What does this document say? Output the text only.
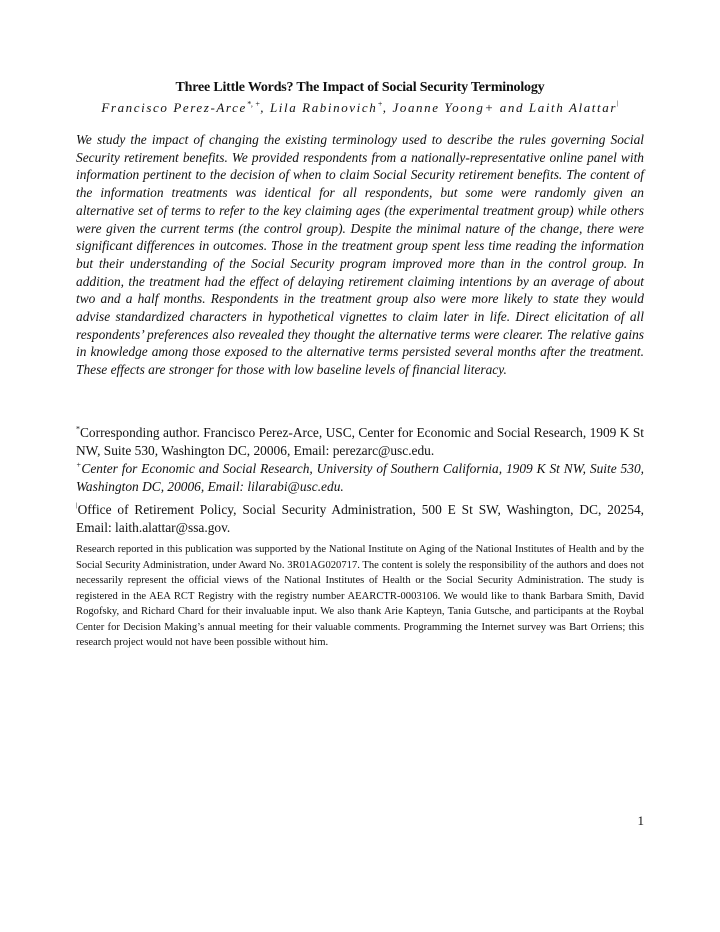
Three Little Words? The Impact of Social Security Terminology
Francisco Perez-Arce*, +, Lila Rabinovich+, Joanne Yoong+ and Laith Alattar$^ǀ$

We study the impact of changing the existing terminology used to describe the rules governing Social Security retirement benefits. We provided respondents from a nationally-representative online panel with information pertinent to the decision of when to claim Social Security retirement benefits. The content of the information treatments was identical for all respondents, but some were randomly given an alternative set of terms to refer to the key claiming ages (the experimental treatment group) while others were given the current terms (the control group). Despite the minimal nature of the change, there were significant differences in outcomes. Those in the treatment group spent less time reading the information but their understanding of the Social Security program improved more than in the control group. In addition, the treatment had the effect of delaying retirement claiming intentions by an average of about two and a half months. Respondents in the treatment group also were more likely to state they would advise standardized characters in hypothetical vignettes to claim later in life. Direct elicitation of all respondents’ preferences also revealed they thought the alternative terms were clearer. The relative gains in knowledge among those exposed to the alternative terms persisted several months after the treatment. These effects are stronger for those with low baseline levels of financial literacy.

*Corresponding author. Francisco Perez-Arce, USC, Center for Economic and Social Research, 1909 K St NW, Suite 530, Washington DC, 20006, Email: perezarc@usc.edu.

+Center for Economic and Social Research, University of Southern California, 1909 K St NW, Suite 530, Washington DC, 20006, Email: lilarabi@usc.edu.

$^ǀ$Office of Retirement Policy, Social Security Administration, 500 E St SW, Washington, DC, 20254, Email: laith.alattar@ssa.gov.

Research reported in this publication was supported by the National Institute on Aging of the National Institutes of Health and by the Social Security Administration, under Award No. 3R01AG020717. The content is solely the responsibility of the authors and does not necessarily represent the official views of the National Institutes of Health or the Social Security Administration. The study is registered in the AEA RCT Registry with the registry number AEARCTR-0003106. We would like to thank Barbara Smith, David Rogofsky, and Richard Chard for their invaluable input. We also thank Arie Kapteyn, Tania Gutsche, and participants at the Roybal Center for Decision Making’s annual meeting for their valuable comments. Programming the Internet survey was Bart Orriens; this research project would not have been possible without him.

1
